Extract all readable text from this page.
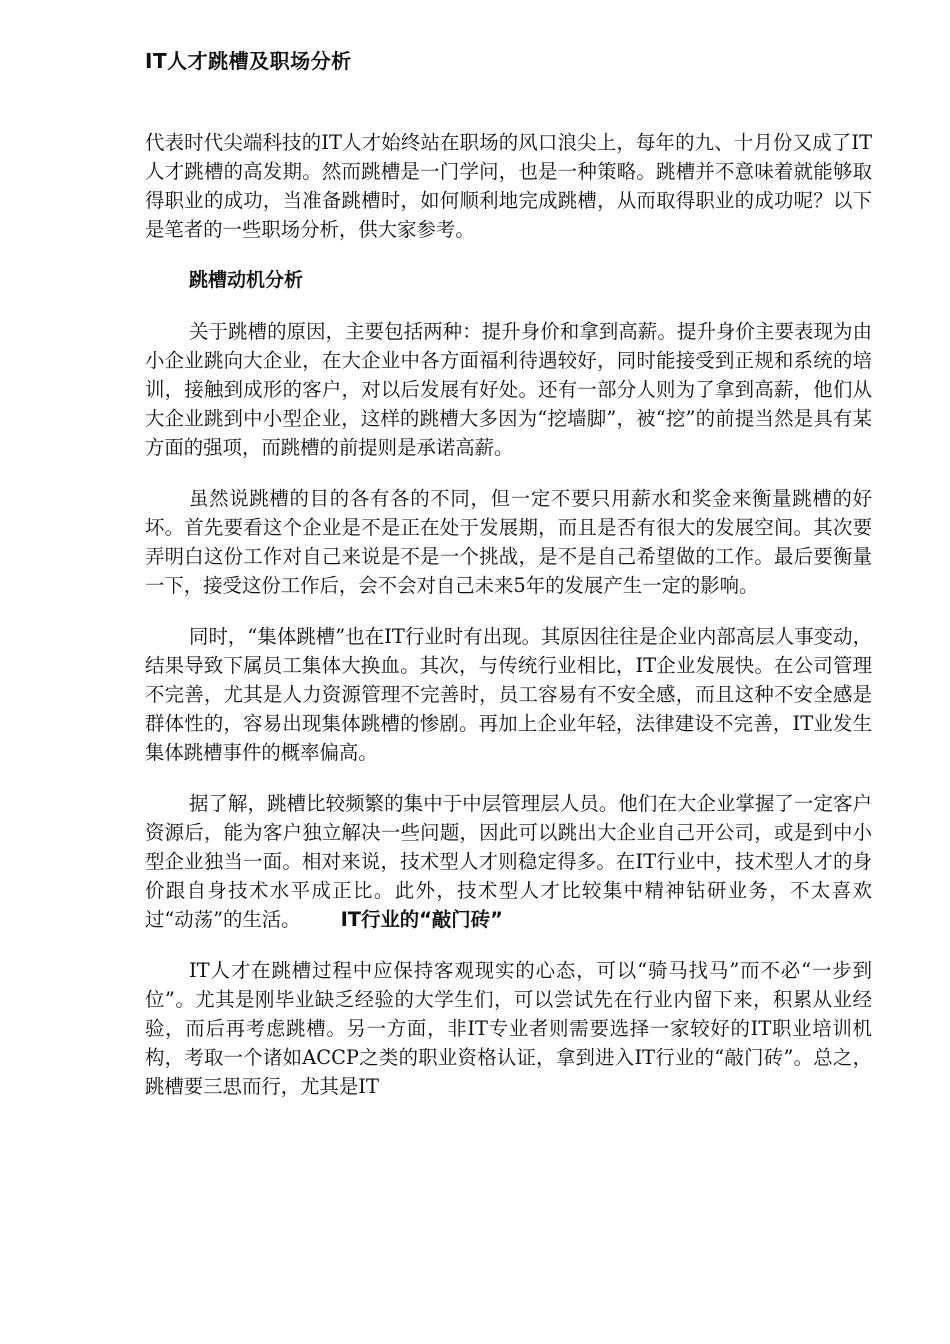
IT人才跳槽及职场分析

代表时代尖端科技的IT人才始终站在职场的风口浪尖上，每年的九、十月份又成了IT人才跳槽的高发期。然而跳槽是一门学问，也是一种策略。跳槽并不意味着就能够取得职业的成功，当准备跳槽时，如何顺利地完成跳槽，从而取得职业的成功呢？以下是笔者的一些职场分析，供大家参考。

跳槽动机分析

关于跳槽的原因，主要包括两种：提升身价和拿到高薪。提升身价主要表现为由小企业跳向大企业，在大企业中各方面福利待遇较好，同时能接受到正规和系统的培训，接触到成形的客户，对以后发展有好处。还有一部分人则为了拿到高薪，他们从大企业跳到中小型企业，这样的跳槽大多因为“挖墙脚”，被“挖”的前提当然是具有某方面的强项，而跳槽的前提则是承诺高薪。

虽然说跳槽的目的各有各的不同，但一定不要只用薪水和奖金来衡量跳槽的好坏。首先要看这个企业是不是正在处于发展期，而且是否有很大的发展空间。其次要弄明白这份工作对自己来说是不是一个挑战，是不是自己希望做的工作。最后要衡量一下，接受这份工作后，会不会对自己未来5年的发展产生一定的影响。

同时，“集体跳槽”也在IT行业时有出现。其原因往往是企业内部高层人事变动，结果导致下属员工集体大换血。其次，与传统行业相比，IT企业发展快。在公司管理不完善，尤其是人力资源管理不完善时，员工容易有不安全感，而且这种不安全感是群体性的，容易出现集体跳槽的惨剧。再加上企业年轻，法律建设不完善，IT业发生集体跳槽事件的概率偏高。

据了解，跳槽比较频繁的集中于中层管理层人员。他们在大企业掌握了一定客户资源后，能为客户独立解决一些问题，因此可以跳出大企业自己开公司，或是到中小型企业独当一面。相对来说，技术型人才则稳定得多。在IT行业中，技术型人才的身价跟自身技术水平成正比。此外，技术型人才比较集中精神钻研业务，不太喜欢过“动荡”的生活。 IT行业的“敲门砖”

IT人才在跳槽过程中应保持客观现实的心态，可以“骑马找马”而不必“一步到位”。尤其是刚毕业缺乏经验的大学生们，可以尝试先在行业内留下来，积累从业经验，而后再考虑跳槽。另一方面，非IT专业者则需要选择一家较好的IT职业培训机构，考取一个诸如ACCP之类的职业资格认证，拿到进入IT行业的“敲门砖”。总之，跳槽要三思而行，尤其是IT
